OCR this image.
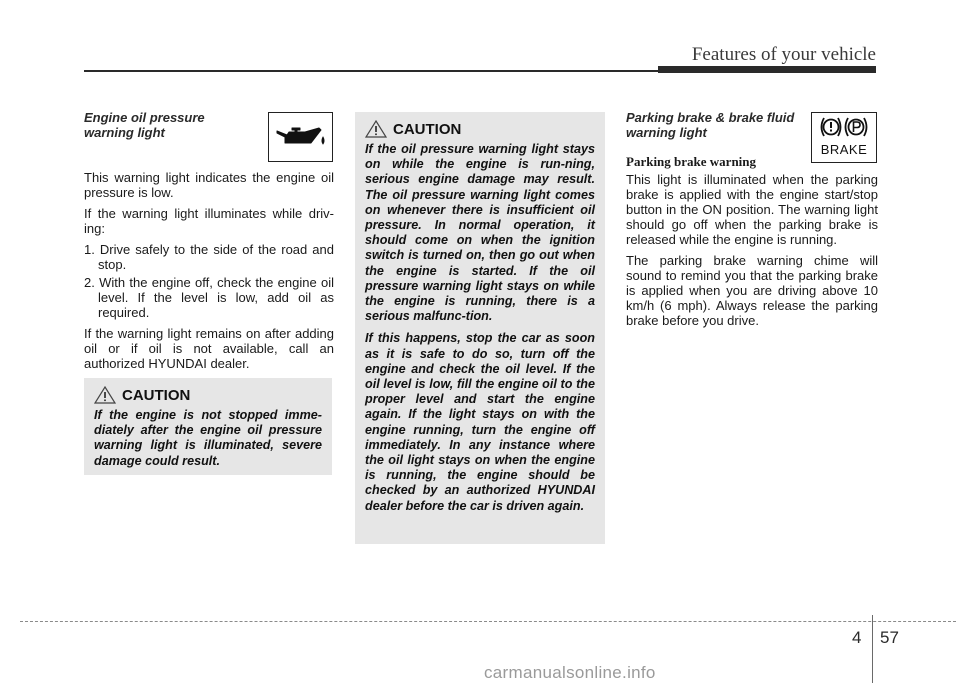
Features of your vehicle
Engine oil pressure
warning light

This warning light indicates the engine oil pressure is low.

If the warning light illuminates while driv-ing:

1. Drive safely to the side of the road and stop.
2. With the engine off, check the engine oil level. If the level is low, add oil as required.

If the warning light remains on after adding oil or if oil is not available, call an authorized HYUNDAI dealer.

CAUTION

If the engine is not stopped imme-diately after the engine oil pressure warning light is illuminated, severe damage could result.

CAUTION

If the oil pressure warning light stays on while the engine is run-ning, serious engine damage may result. The oil pressure warning light comes on whenever there is insufficient oil pressure. In normal operation, it should come on when the ignition switch is turned on, then go out when the engine is started. If the oil pressure warning light stays on while the engine is running, there is a serious malfunc-tion.

If this happens, stop the car as soon as it is safe to do so, turn off the engine and check the oil level. If the oil level is low, fill the engine oil to the proper level and start the engine again. If the light stays on with the engine running, turn the engine off immediately. In any instance where the oil light stays on when the engine is running, the engine should be checked by an authorized HYUNDAI dealer before the car is driven again.

Parking brake & brake fluid
warning light
Parking brake warning

This light is illuminated when the parking brake is applied with the engine start/stop button in the ON position. The warning light should go off when the parking brake is released while the engine is running.

The parking brake warning chime will sound to remind you that the parking brake is applied when you are driving above 10 km/h (6 mph). Always release the parking brake before you drive.

BRAKE
4 57
carmanualsonline.info
